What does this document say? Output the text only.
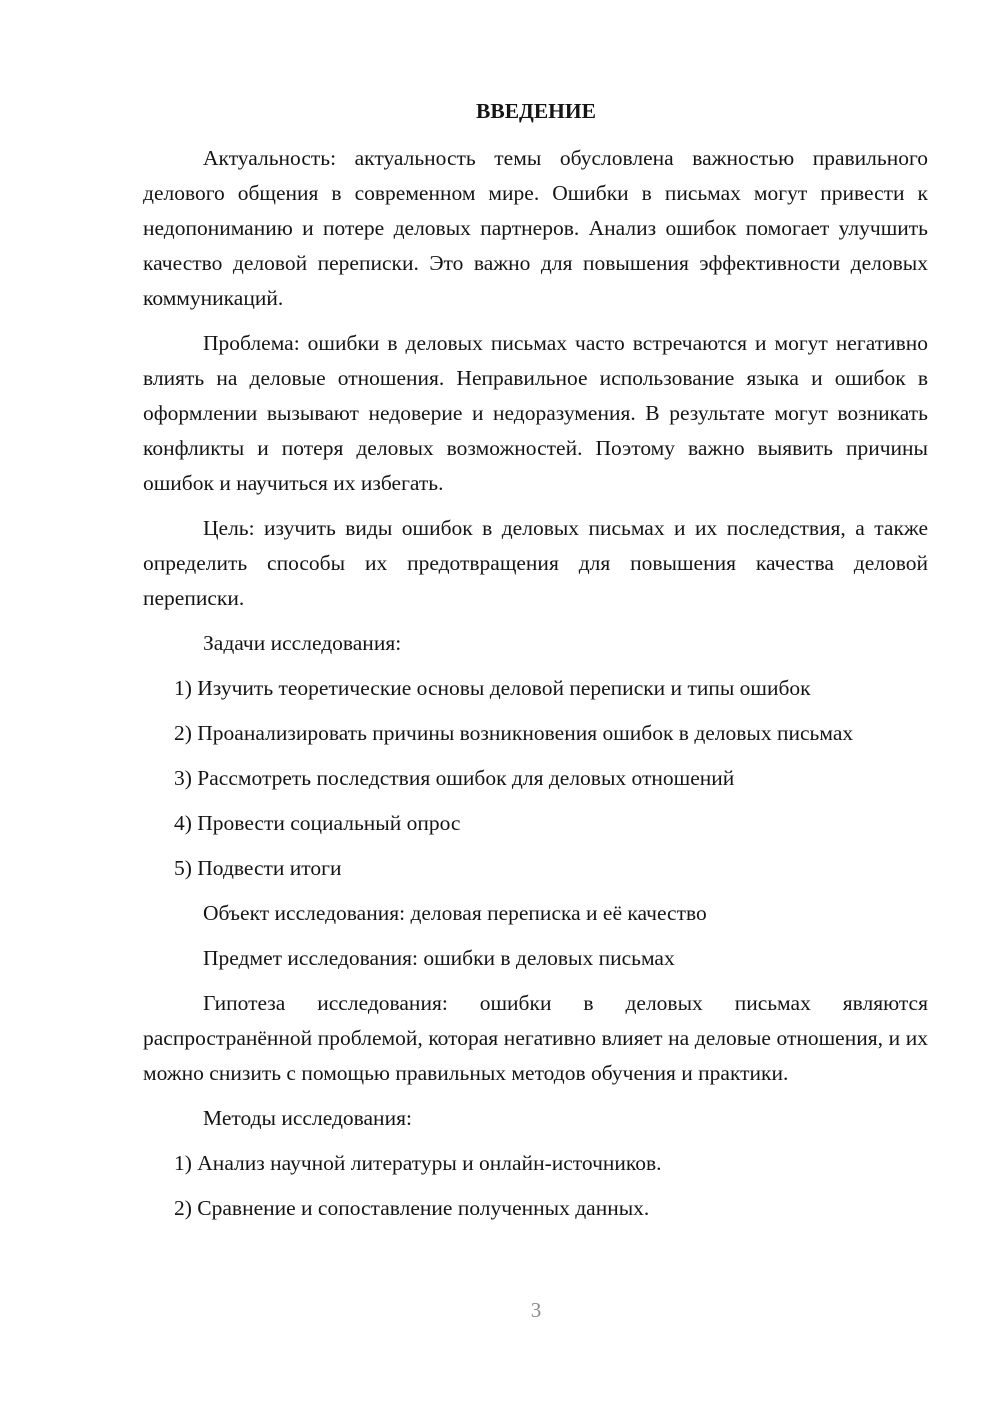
ВВЕДЕНИЕ

Актуальность: актуальность темы обусловлена важностью правильного делового общения в современном мире. Ошибки в письмах могут привести к недопониманию и потере деловых партнеров. Анализ ошибок помогает улучшить качество деловой переписки. Это важно для повышения эффективности деловых коммуникаций.

Проблема: ошибки в деловых письмах часто встречаются и могут негативно влиять на деловые отношения. Неправильное использование языка и ошибок в оформлении вызывают недоверие и недоразумения. В результате могут возникать конфликты и потеря деловых возможностей. Поэтому важно выявить причины ошибок и научиться их избегать.

Цель: изучить виды ошибок в деловых письмах и их последствия, а также определить способы их предотвращения для повышения качества деловой переписки.

Задачи исследования:

1) Изучить теоретические основы деловой переписки и типы ошибок

2) Проанализировать причины возникновения ошибок в деловых письмах

3) Рассмотреть последствия ошибок для деловых отношений

4) Провести социальный опрос

5) Подвести итоги

Объект исследования: деловая переписка и её качество

Предмет исследования: ошибки в деловых письмах

Гипотеза исследования: ошибки в деловых письмах являются распространённой проблемой, которая негативно влияет на деловые отношения, и их можно снизить с помощью правильных методов обучения и практики.

Методы исследования:

1) Анализ научной литературы и онлайн-источников.

2) Сравнение и сопоставление полученных данных.

3
